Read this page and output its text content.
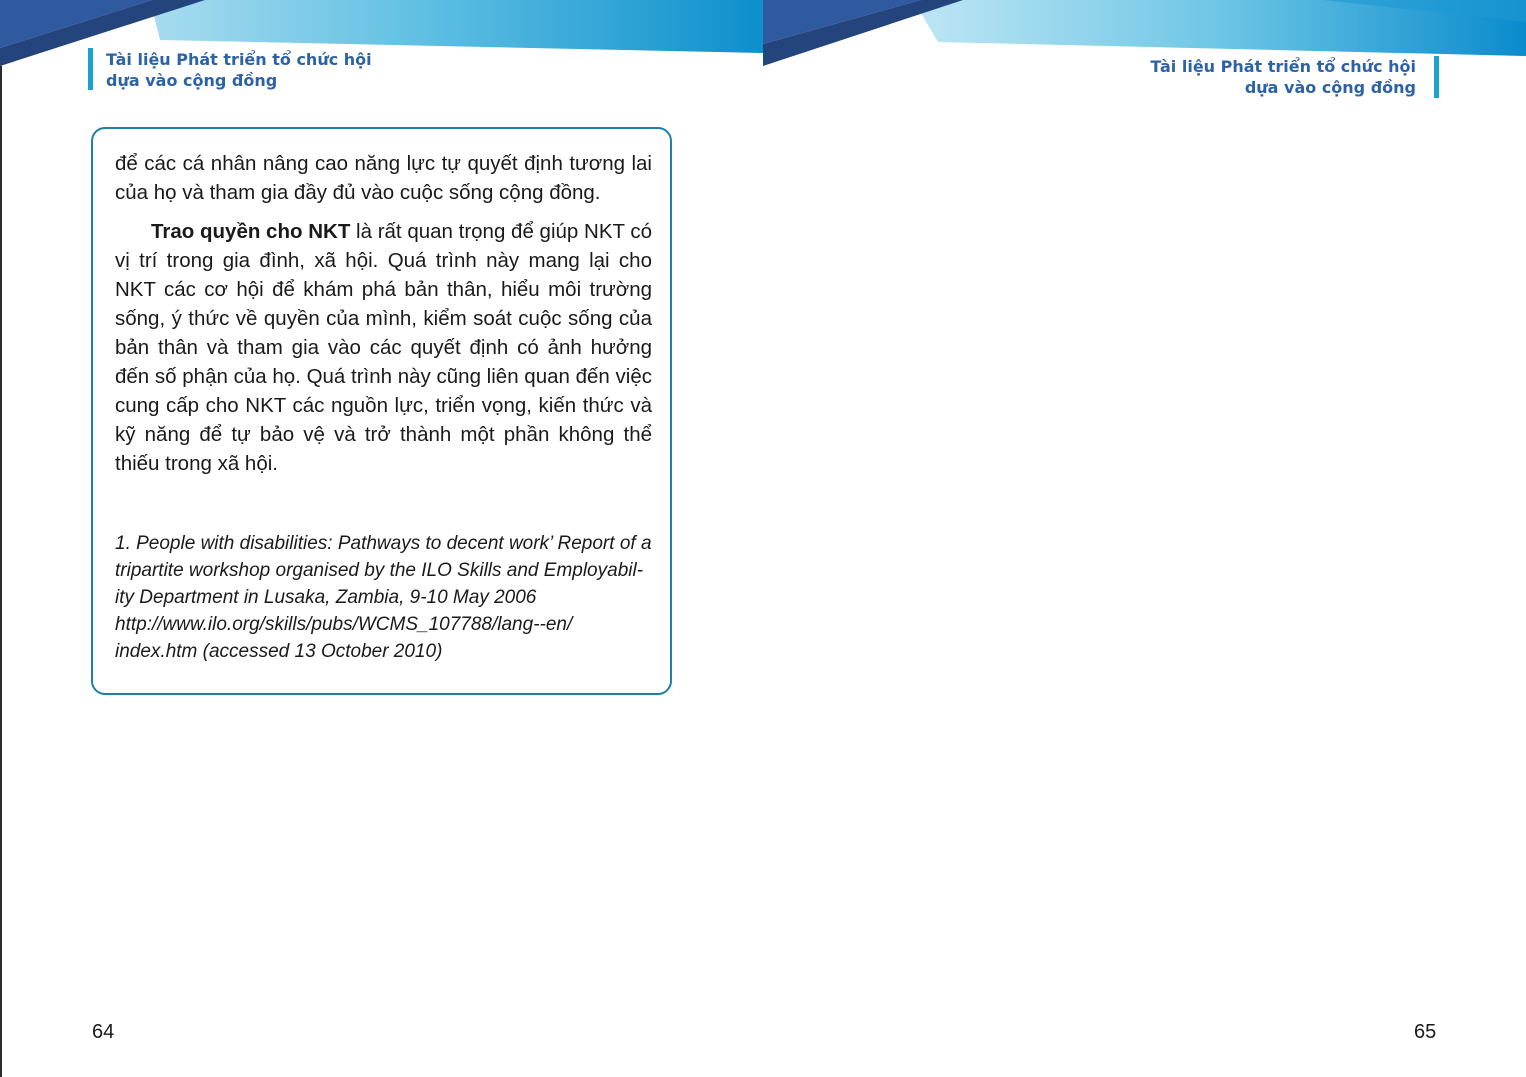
Tài liệu Phát triển tổ chức hội
dựa vào cộng đồng
để các cá nhân nâng cao năng lực tự quyết định tương lai của họ và tham gia đầy đủ vào cuộc sống cộng đồng.
Trao quyền cho NKT là rất quan trọng để giúp NKT có vị trí trong gia đình, xã hội. Quá trình này mang lại cho NKT các cơ hội để khám phá bản thân, hiểu môi trường sống, ý thức về quyền của mình, kiểm soát cuộc sống của bản thân và tham gia vào các quyết định có ảnh hưởng đến số phận của họ. Quá trình này cũng liên quan đến việc cung cấp cho NKT các nguồn lực, triển vọng, kiến thức và kỹ năng để tự bảo vệ và trở thành một phần không thể thiếu trong xã hội.
1. People with disabilities: Pathways to decent work’ Report of a
tripartite workshop organised by the ILO Skills and Employabil-
ity Department in Lusaka, Zambia, 9-10 May 2006
http://www.ilo.org/skills/pubs/WCMS_107788/lang--en/
index.htm (accessed 13 October 2010)
64
Tài liệu Phát triển tổ chức hội
dựa vào cộng đồng
65
